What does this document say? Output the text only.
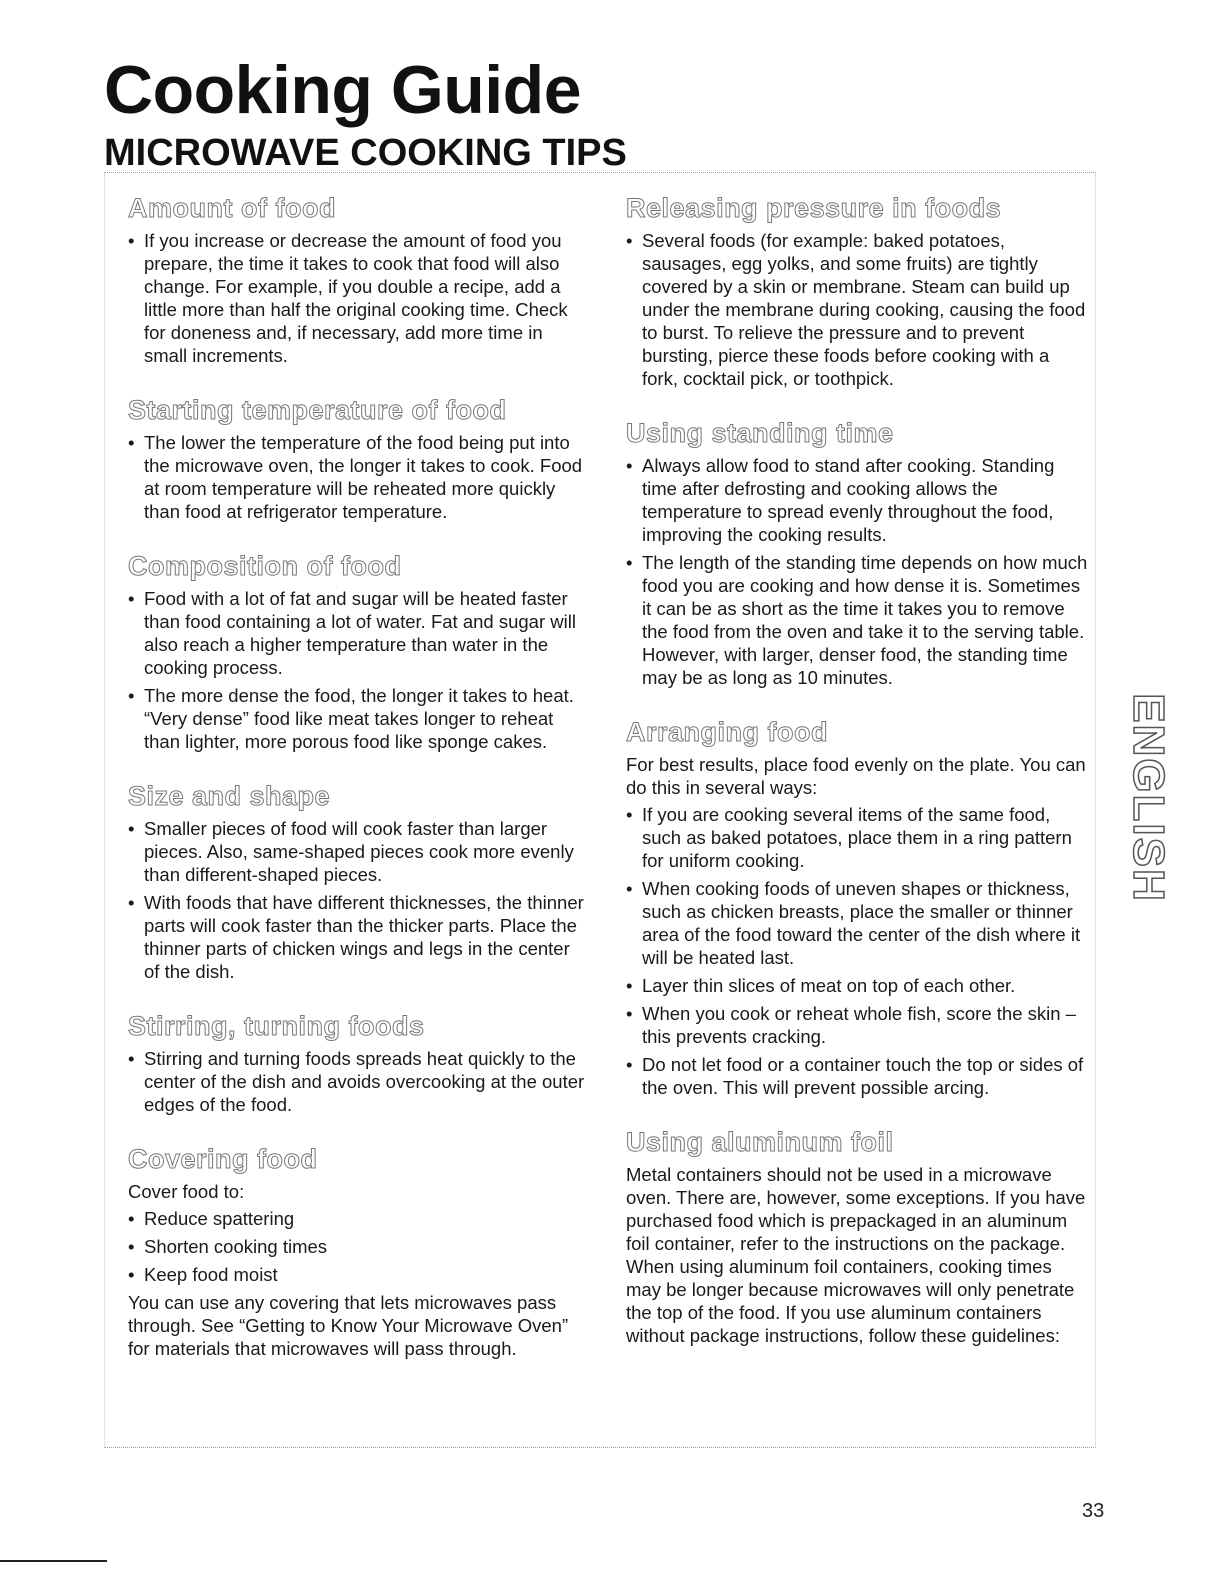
Cooking Guide
MICROWAVE COOKING TIPS
Amount of food
• If you increase or decrease the amount of food you prepare, the time it takes to cook that food will also change. For example, if you double a recipe, add a little more than half the original cooking time. Check for doneness and, if necessary, add more time in small increments.
Starting temperature of food
• The lower the temperature of the food being put into the microwave oven, the longer it takes to cook. Food at room temperature will be reheated more quickly than food at refrigerator temperature.
Composition of food
• Food with a lot of fat and sugar will be heated faster than food containing a lot of water. Fat and sugar will also reach a higher temperature than water in the cooking process.
• The more dense the food, the longer it takes to heat. “Very dense” food like meat takes longer to reheat than lighter, more porous food like sponge cakes.
Size and shape
• Smaller pieces of food will cook faster than larger pieces. Also, same-shaped pieces cook more evenly than different-shaped pieces.
• With foods that have different thicknesses, the thinner parts will cook faster than the thicker parts. Place the thinner parts of chicken wings and legs in the center of the dish.
Stirring, turning foods
• Stirring and turning foods spreads heat quickly to the center of the dish and avoids overcooking at the outer edges of the food.
Covering food
Cover food to:
• Reduce spattering
• Shorten cooking times
• Keep food moist
You can use any covering that lets microwaves pass through. See “Getting to Know Your Microwave Oven” for materials that microwaves will pass through.
Releasing pressure in foods
• Several foods (for example: baked potatoes, sausages, egg yolks, and some fruits) are tightly covered by a skin or membrane. Steam can build up under the membrane during cooking, causing the food to burst. To relieve the pressure and to prevent bursting, pierce these foods before cooking with a fork, cocktail pick, or toothpick.
Using standing time
• Always allow food to stand after cooking. Standing time after defrosting and cooking allows the temperature to spread evenly throughout the food, improving the cooking results.
• The length of the standing time depends on how much food you are cooking and how dense it is. Sometimes it can be as short as the time it takes you to remove the food from the oven and take it to the serving table. However, with larger, denser food, the standing time may be as long as 10 minutes.
Arranging food
For best results, place food evenly on the plate. You can do this in several ways:
• If you are cooking several items of the same food, such as baked potatoes, place them in a ring pattern for uniform cooking.
• When cooking foods of uneven shapes or thickness, such as chicken breasts, place the smaller or thinner area of the food toward the center of the dish where it will be heated last.
• Layer thin slices of meat on top of each other.
• When you cook or reheat whole fish, score the skin – this prevents cracking.
• Do not let food or a container touch the top or sides of the oven. This will prevent possible arcing.
Using aluminum foil
Metal containers should not be used in a microwave oven. There are, however, some exceptions. If you have purchased food which is prepackaged in an aluminum foil container, refer to the instructions on the package. When using aluminum foil containers, cooking times may be longer because microwaves will only penetrate the top of the food. If you use aluminum containers without package instructions, follow these guidelines:
ENGLISH
33
